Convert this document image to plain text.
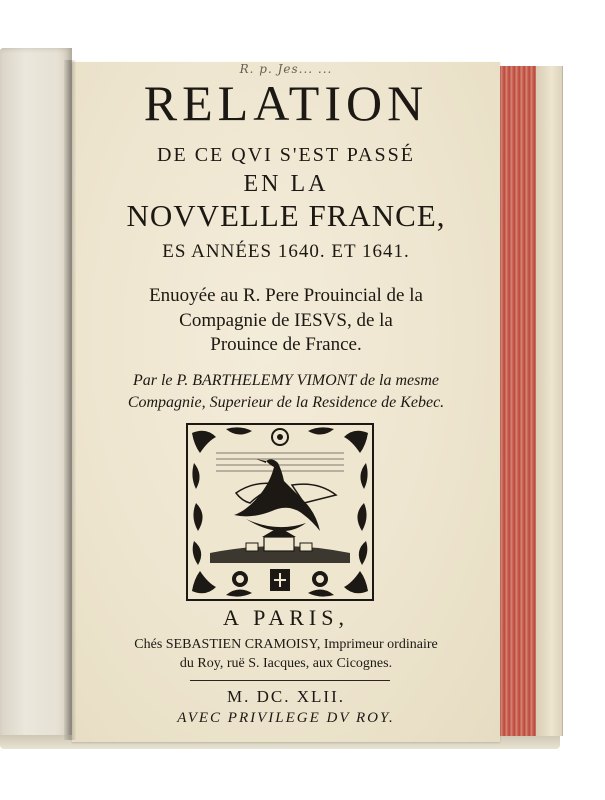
R. p. Jes... ...
RELATION
DE CE QVI S'EST PASSÉ
EN LA
NOVVELLE FRANCE,
ES ANNÉES 1640. ET 1641.
Enuoyée au R. Pere Prouincial de la
Compagnie de IESVS, de la
Prouince de France.
Par le P. BARTHELEMY VIMONT de la mesme
Compagnie, Superieur de la Residence de Kebec.
A PARIS,
Chés SEBASTIEN CRAMOISY, Imprimeur ordinaire
du Roy, ruë S. Iacques, aux Cicognes.
M. DC. XLII.
AVEC PRIVILEGE DV ROY.
